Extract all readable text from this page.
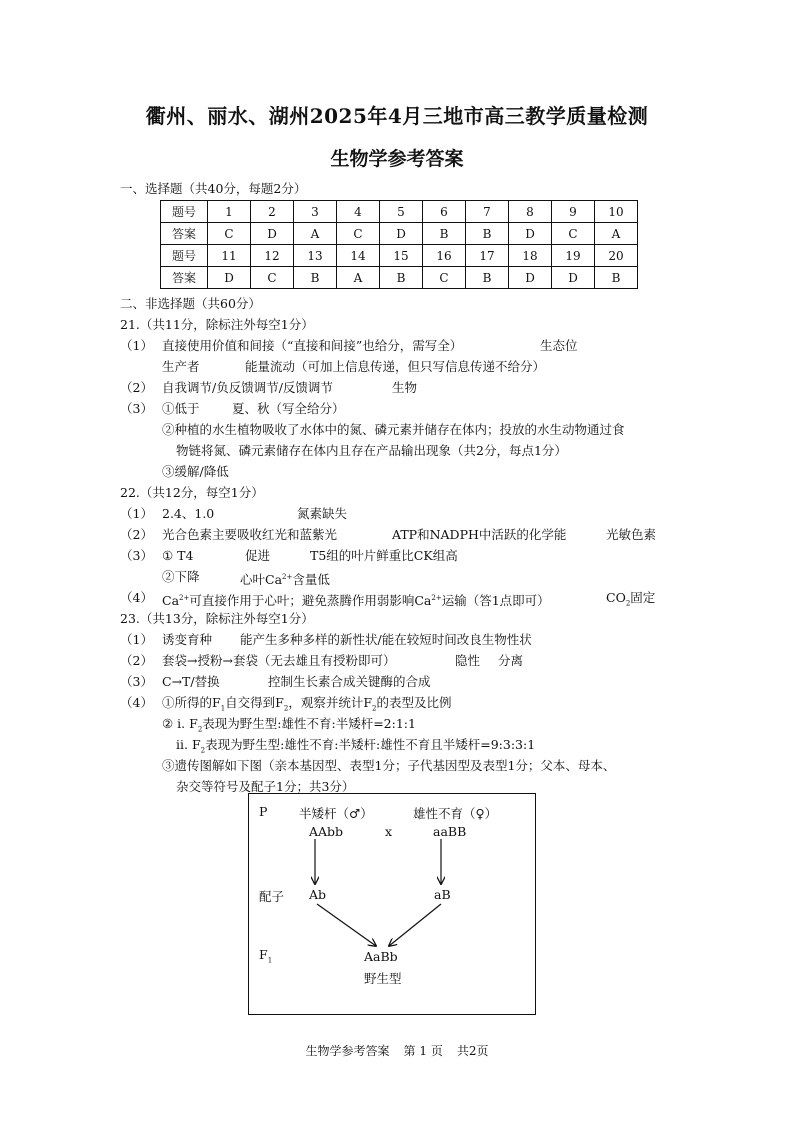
衢州、丽水、湖州2025年4月三地市高三教学质量检测
生物学参考答案
一、选择题（共40分，每题2分）
题号	1	2	3	4	5	6	7	8	9	10
答案	C	D	A	C	D	B	B	D	C	A
题号	11	12	13	14	15	16	17	18	19	20
答案	D	C	B	A	B	C	B	D	D	B
二、非选择题（共60分）
21.（共11分，除标注外每空1分）
（1） 直接使用价值和间接（“直接和间接”也给分，需写全）	生态位
生产者	能量流动（可加上信息传递，但只写信息传递不给分）
（2） 自我调节/负反馈调节/反馈调节	生物
（3） ①低于	夏、秋（写全给分）
②种植的水生植物吸收了水体中的氮、磷元素并储存在体内；投放的水生动物通过食
物链将氮、磷元素储存在体内且存在产品输出现象（共2分，每点1分）
③缓解/降低
22.（共12分，每空1分）
（1） 2.4、1.0	氮素缺失
（2） 光合色素主要吸收红光和蓝紫光	ATP和NADPH中活跃的化学能	光敏色素
（3） ① T4	促进	T5组的叶片鲜重比CK组高
②下降	心叶$Ca^{2+}$含量低
（4） $Ca^{2+}$可直接作用于心叶；避免蒸腾作用弱影响$Ca^{2+}$运输（答1点即可）	$CO_2$固定
23.（共13分，除标注外每空1分）
（1） 诱变育种 能产生多种多样的新性状/能在较短时间改良生物性状
（2） 套袋→授粉→套袋（无去雄且有授粉即可）	隐性 分离
（3） C→T/替换	控制生长素合成关键酶的合成
（4） ①所得的$F_1$自交得到$F_2$，观察并统计$F_2$的表型及比例
② i. $F_2$表现为野生型:雄性不育:半矮杆=2:1:1
ii. $F_2$表现为野生型:雄性不育:半矮杆:雄性不育且半矮杆=9:3:3:1
③遗传图解如下图（亲本基因型、表型1分；子代基因型及表型1分；父本、母本、
杂交等符号及配子1分；共3分）
P	半矮杆（♂）	雄性不育（♀）
AAbb	x	aaBB
配子 Ab	aB
$F_1$	AaBb
野生型
生物学参考答案 第 1 页 共2页
